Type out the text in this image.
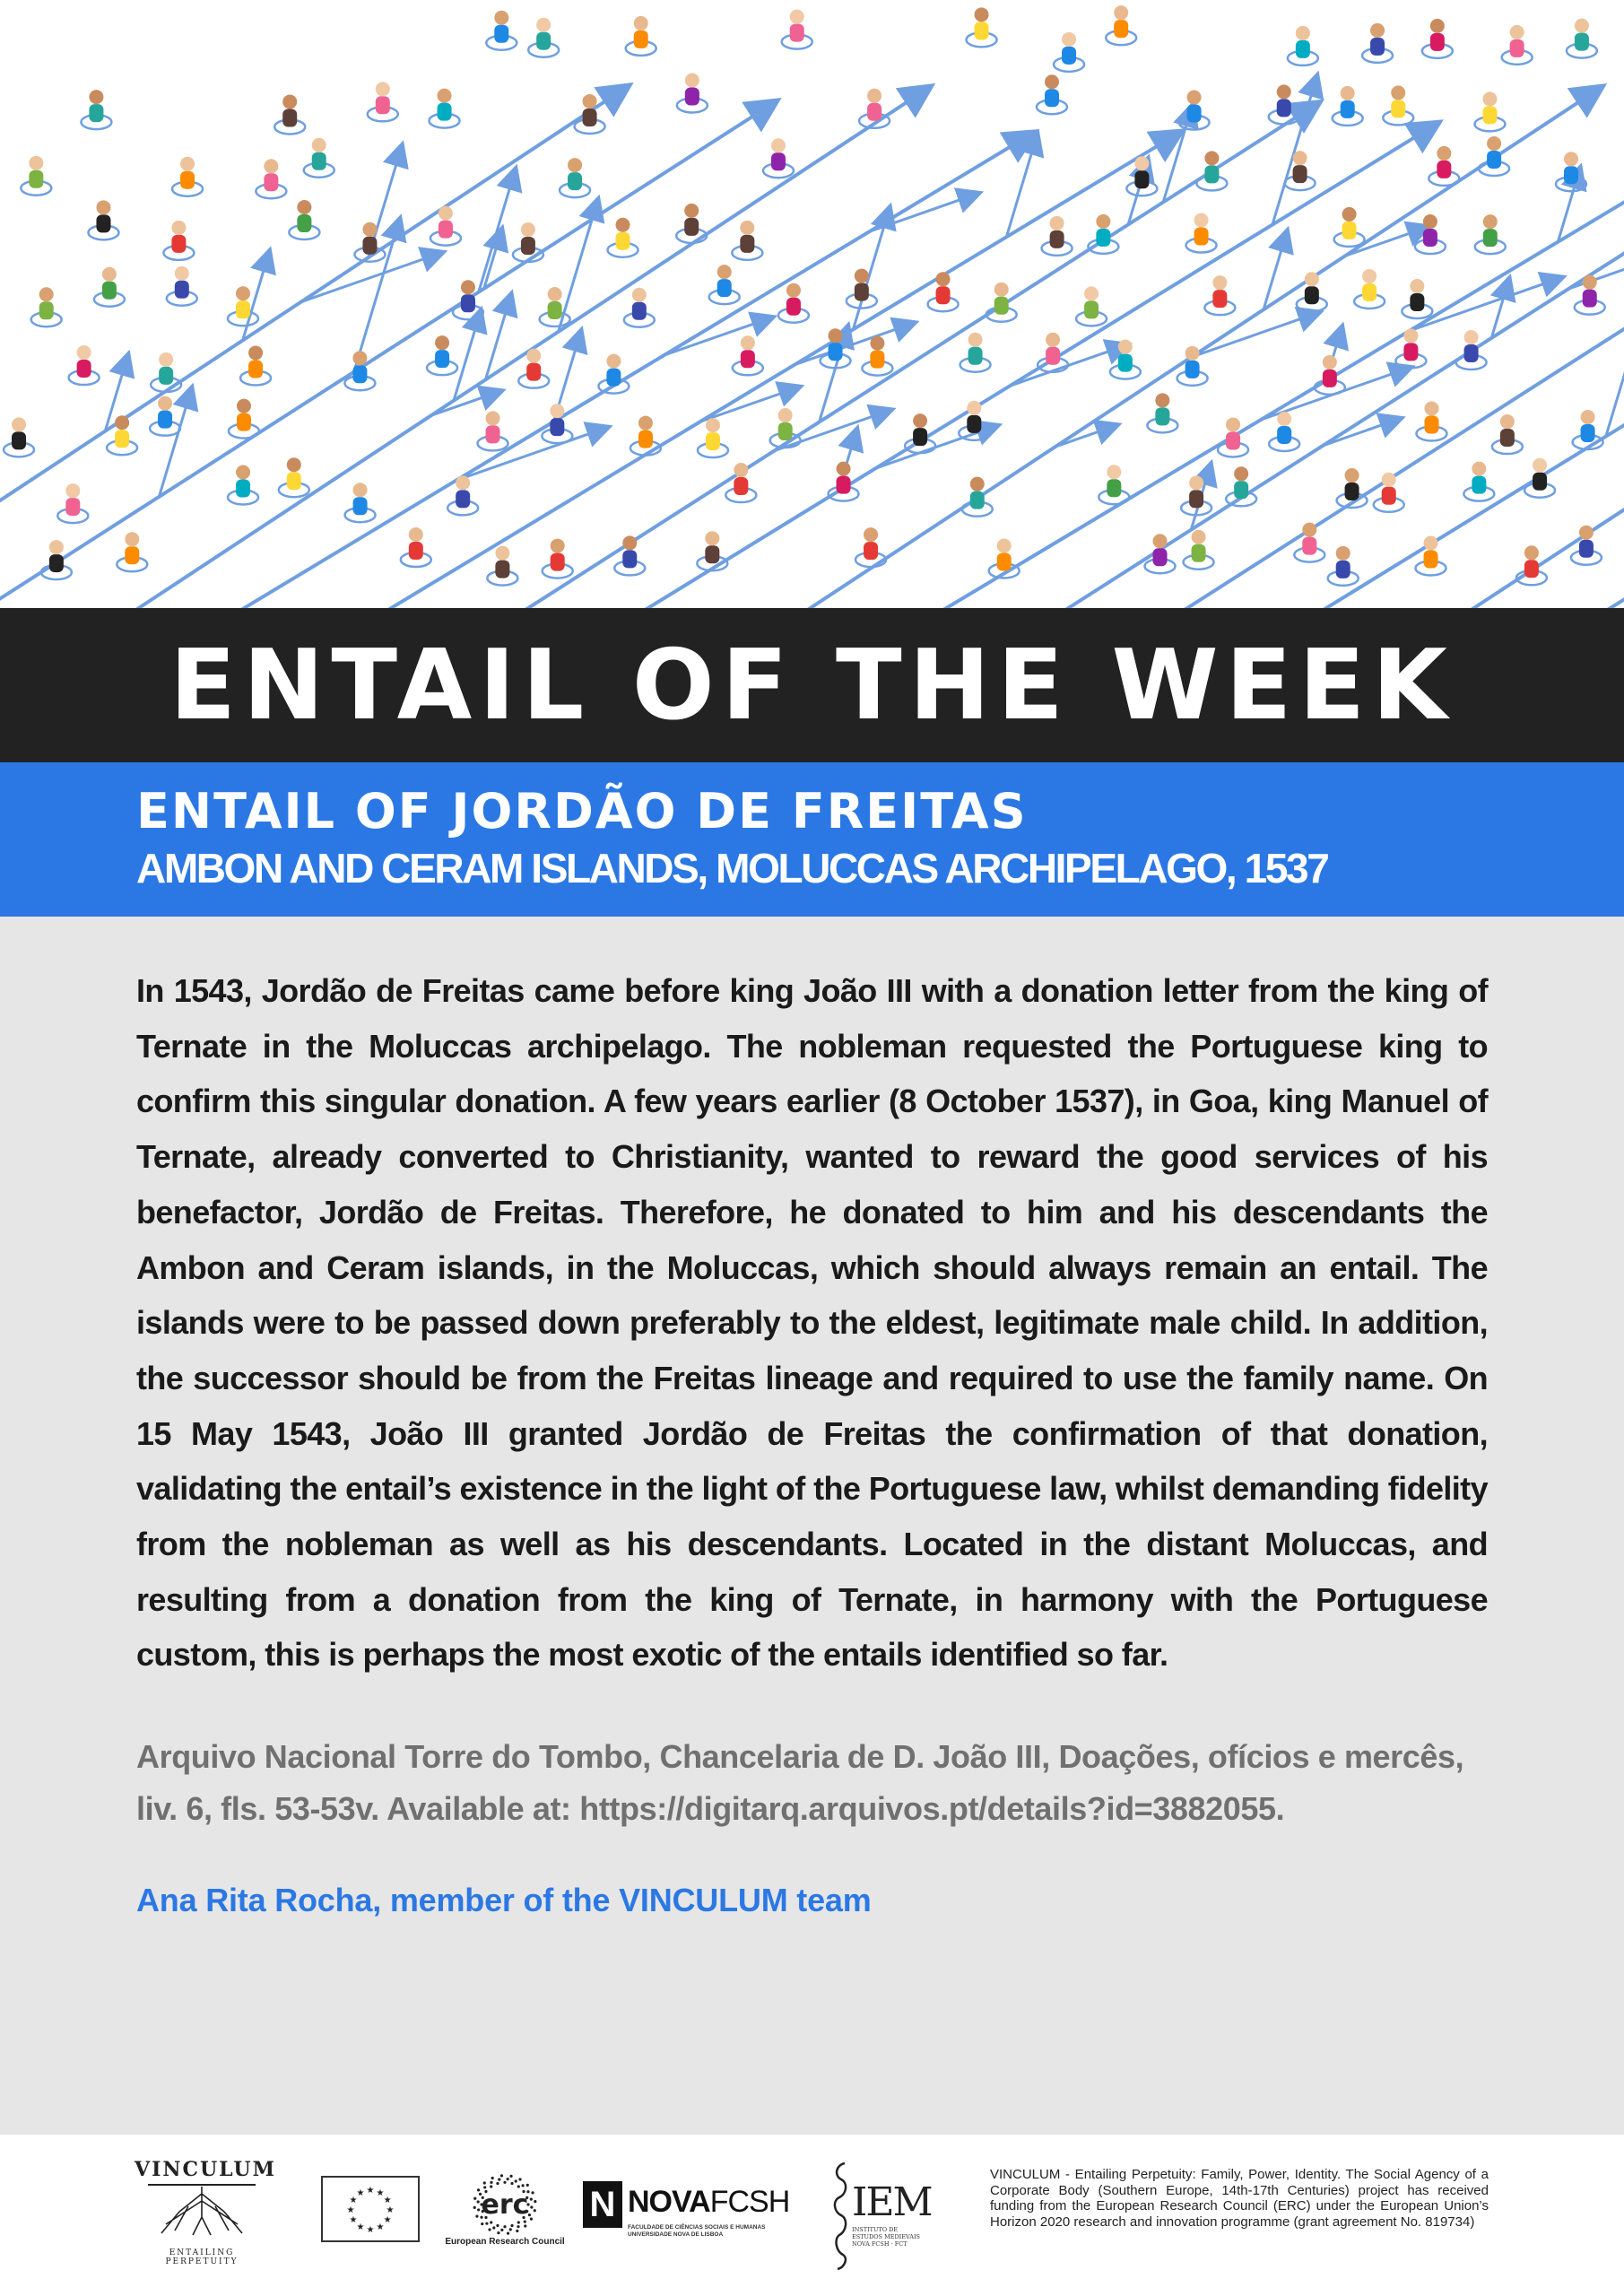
ENTAIL OF THE WEEK
ENTAIL OF JORDÃO DE FREITAS
AMBON AND CERAM ISLANDS, MOLUCCAS ARCHIPELAGO, 1537

In 1543, Jordão de Freitas came before king João III with a donation letter from the king of Ternate in the Moluccas archipelago. The nobleman requested the Portuguese king to confirm this singular donation. A few years earlier (8 October 1537), in Goa, king Manuel of Ternate, already converted to Christianity, wanted to reward the good services of his benefactor, Jordão de Freitas. Therefore, he donated to him and his descendants the Ambon and Ceram islands, in the Moluccas, which should always remain an entail. The islands were to be passed down preferably to the eldest, legitimate male child. In addition, the successor should be from the Freitas lineage and required to use the family name. On 15 May 1543, João III granted Jordão de Freitas the confirmation of that donation, validating the entail’s existence in the light of the Portuguese law, whilst demanding fidelity from the nobleman as well as his descendants. Located in the distant Moluccas, and resulting from a donation from the king of Ternate, in harmony with the Portuguese custom, this is perhaps the most exotic of the entails identified so far.

Arquivo Nacional Torre do Tombo, Chancelaria de D. João III, Doações, ofícios e mercês, liv. 6, fls. 53-53v. Available at: https://digitarq.arquivos.pt/details?id=3882055.

Ana Rita Rocha, member of the VINCULUM team

VINCULUM
ENTAILING PERPETUITY
★
★
★
★
★
★
★
★
★ ★ ★
★	erc
European Research Council
N NOVAFCSH
FACULDADE DE CIÊNCIAS SOCIAIS E HUMANAS
UNIVERSIDADE NOVA DE LISBOA
IEM
INSTITUTO DE
ESTUDOS MEDIEVAIS
NOVA FCSH · FCT

VINCULUM - Entailing Perpetuity: Family, Power, Identity. The Social Agency of a Corporate Body (Southern Europe, 14th-17th Centuries) project has received funding from the European Research Council (ERC) under the European Union’s Horizon 2020 research and innovation programme (grant agreement No. 819734)
